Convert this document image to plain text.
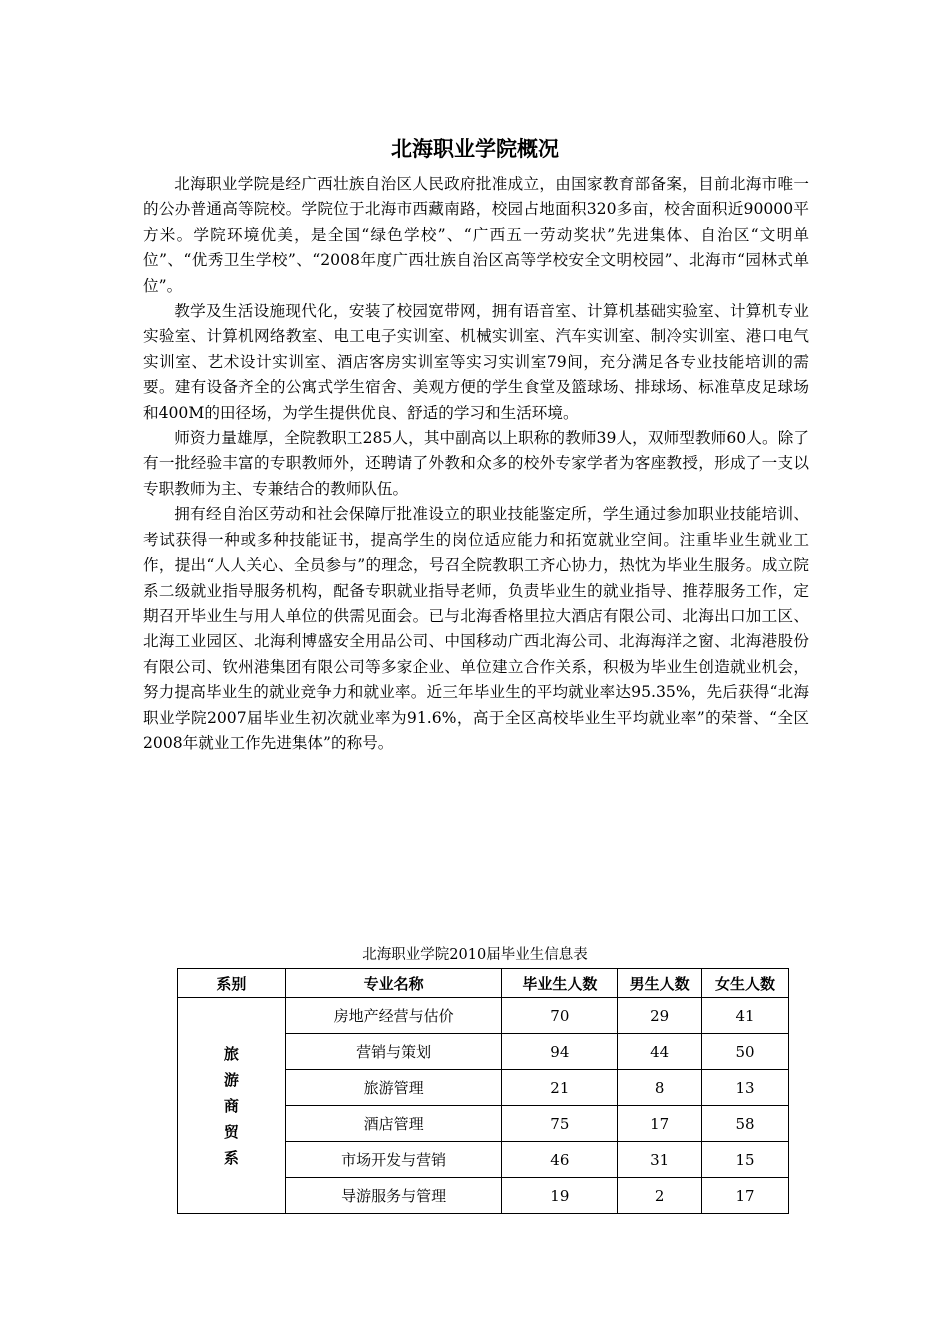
北海职业学院概况

北海职业学院是经广西壮族自治区人民政府批准成立，由国家教育部备案，目前北海市唯一的公办普通高等院校。学院位于北海市西藏南路，校园占地面积320多亩，校舍面积近90000平方米。学院环境优美，是全国“绿色学校”、“广西五一劳动奖状”先进集体、自治区“文明单位”、“优秀卫生学校”、“2008年度广西壮族自治区高等学校安全文明校园”、北海市“园林式单位”。

教学及生活设施现代化，安装了校园宽带网，拥有语音室、计算机基础实验室、计算机专业实验室、计算机网络教室、电工电子实训室、机械实训室、汽车实训室、制冷实训室、港口电气实训室、艺术设计实训室、酒店客房实训室等实习实训室79间，充分满足各专业技能培训的需要。建有设备齐全的公寓式学生宿舍、美观方便的学生食堂及篮球场、排球场、标准草皮足球场和400M的田径场，为学生提供优良、舒适的学习和生活环境。

师资力量雄厚，全院教职工285人，其中副高以上职称的教师39人，双师型教师60人。除了有一批经验丰富的专职教师外，还聘请了外教和众多的校外专家学者为客座教授，形成了一支以专职教师为主、专兼结合的教师队伍。

拥有经自治区劳动和社会保障厅批准设立的职业技能鉴定所，学生通过参加职业技能培训、考试获得一种或多种技能证书，提高学生的岗位适应能力和拓宽就业空间。注重毕业生就业工作，提出“人人关心、全员参与”的理念，号召全院教职工齐心协力，热忱为毕业生服务。成立院系二级就业指导服务机构，配备专职就业指导老师，负责毕业生的就业指导、推荐服务工作，定期召开毕业生与用人单位的供需见面会。已与北海香格里拉大酒店有限公司、北海出口加工区、北海工业园区、北海利博盛安全用品公司、中国移动广西北海公司、北海海洋之窗、北海港股份有限公司、钦州港集团有限公司等多家企业、单位建立合作关系，积极为毕业生创造就业机会，努力提高毕业生的就业竞争力和就业率。近三年毕业生的平均就业率达95.35%，先后获得“北海职业学院2007届毕业生初次就业率为91.6%，高于全区高校毕业生平均就业率”的荣誉、“全区2008年就业工作先进集体”的称号。

北海职业学院2010届毕业生信息表
系别	专业名称	毕业生人数	男生人数	女生人数
旅游商贸系	房地产经营与估价	70	29	41
	营销与策划	94	44	50
	旅游管理	21	8	13
	酒店管理	75	17	58
	市场开发与营销	46	31	15
	导游服务与管理	19	2	17
